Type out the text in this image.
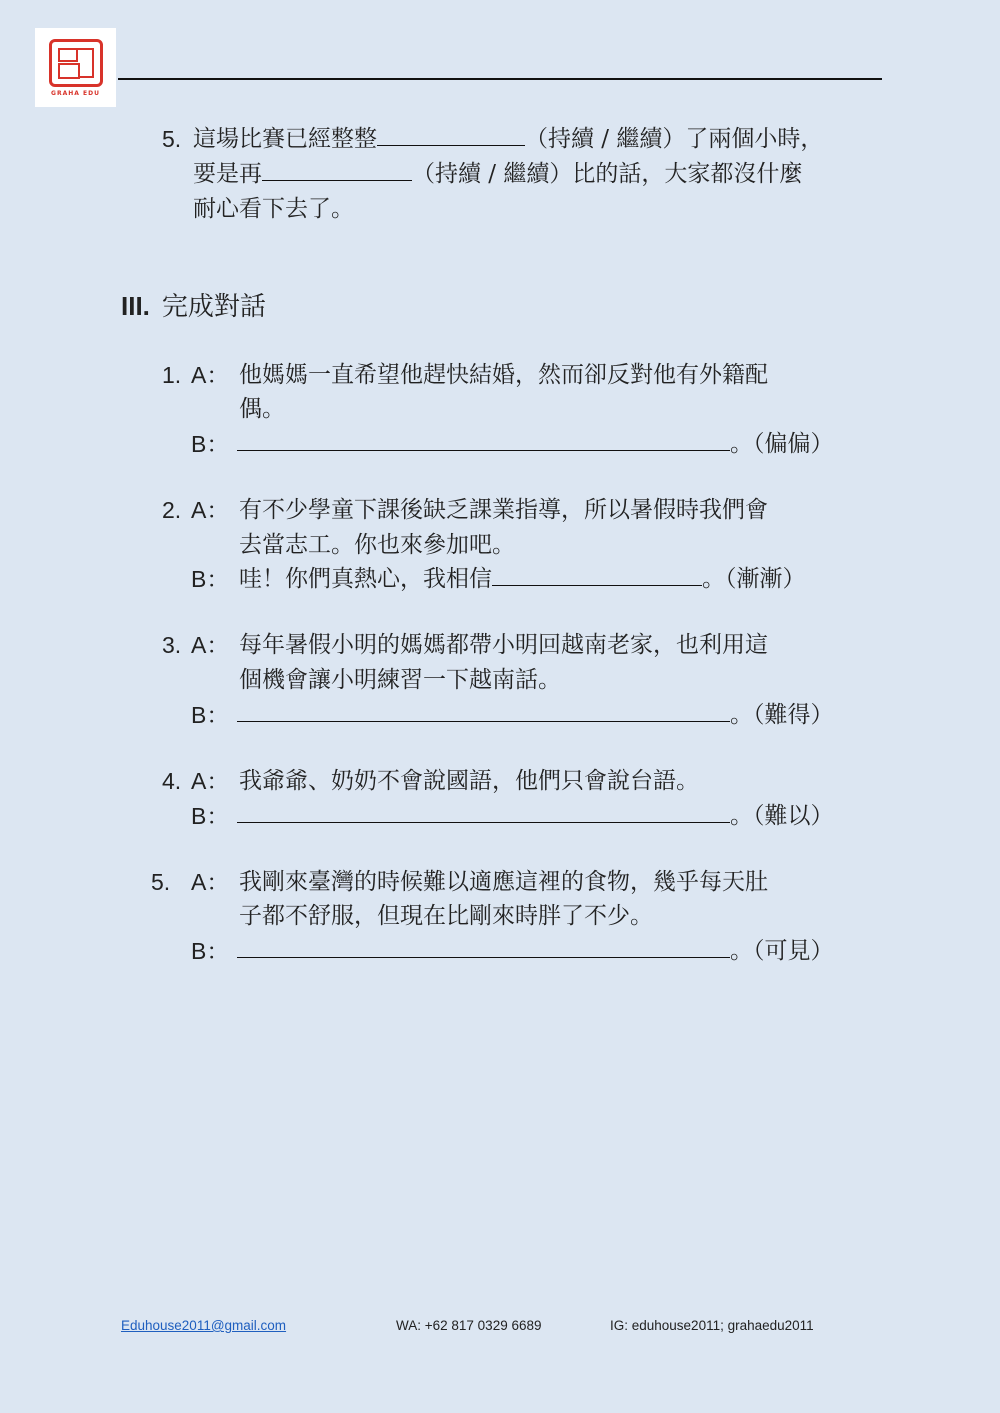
GRAHA EDU
5. 這場比賽已經整整	（持續 / 繼續）了兩個小時，
要是再	（持續 / 繼續）比的話，大家都沒什麼
耐心看下去了。
III. 完成對話
1. A： 他媽媽一直希望他趕快結婚，然而卻反對他有外籍配
偶。
B：	。（偏偏）
2. A： 有不少學童下課後缺乏課業指導，所以暑假時我們會
去當志工。你也來參加吧。
B： 哇！你們真熱心，我相信	。（漸漸）
3. A： 每年暑假小明的媽媽都帶小明回越南老家，也利用這
個機會讓小明練習一下越南話。
B：	。（難得）
4. A： 我爺爺、奶奶不會說國語，他們只會說台語。
B：	。（難以）
5. A： 我剛來臺灣的時候難以適應這裡的食物，幾乎每天肚
子都不舒服，但現在比剛來時胖了不少。
B：	。（可見）
Eduhouse2011@gmail.com	WA: +62 817 0329 6689	IG: eduhouse2011; grahaedu2011
